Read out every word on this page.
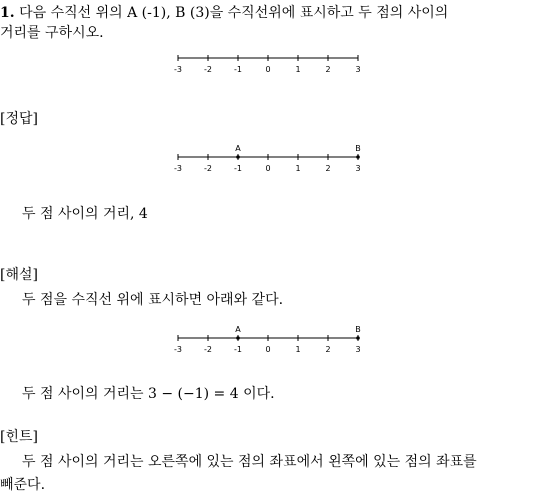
1. 다음 수직선 위의 A (-1), B (3)을 수직선위에 표시하고 두 점의 사이의
거리를 구하시오.
-3	-2	-1	0	1	2	3
[정답]
-3	-2	-1	0	1	2	3
A	B
두 점 사이의 거리, 4
[해설]
두 점을 수직선 위에 표시하면 아래와 같다.
-3	-2	-1	0	1	2	3
A	B
두 점 사이의 거리는 3 − (−1) = 4 이다.
[힌트]
두 점 사이의 거리는 오른쪽에 있는 점의 좌표에서 왼쪽에 있는 점의 좌표를
빼준다.
